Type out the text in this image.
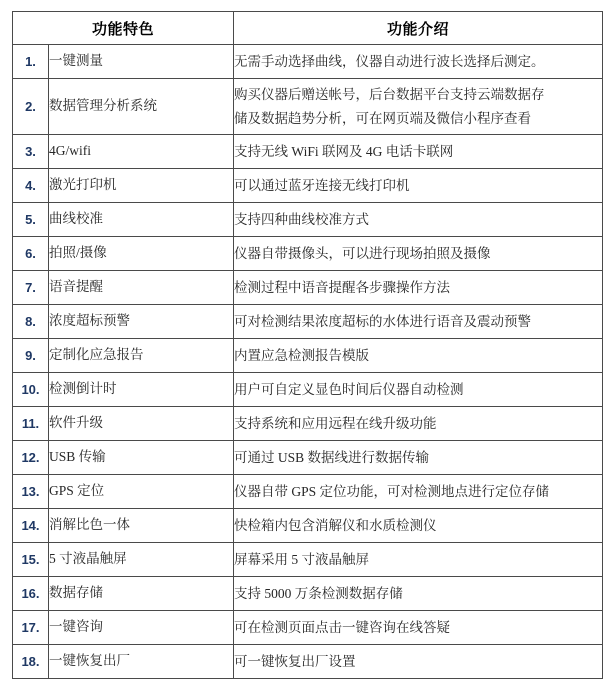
功能特色		功能介绍
1.	一键测量	无需手动选择曲线，仪器自动进行波长选择后测定。

2.	数据管理分析系统	购买仪器后赠送帐号，后台数据平台支持云端数据存
储及数据趋势分析，可在网页端及微信小程序查看

3.	4G/wifi	支持无线 WiFi 联网及 4G 电话卡联网

4.	激光打印机	可以通过蓝牙连接无线打印机

5.	曲线校准	支持四种曲线校准方式

6.	拍照/摄像	仪器自带摄像头，可以进行现场拍照及摄像

7.	语音提醒	检测过程中语音提醒各步骤操作方法

8.	浓度超标预警	可对检测结果浓度超标的水体进行语音及震动预警

9.	定制化应急报告	内置应急检测报告模版

10.	检测倒计时	用户可自定义显色时间后仪器自动检测

11.	软件升级	支持系统和应用远程在线升级功能

12.	USB 传输	可通过 USB 数据线进行数据传输

13.	GPS 定位	仪器自带 GPS 定位功能，可对检测地点进行定位存储

14.	消解比色一体	快检箱内包含消解仪和水质检测仪

15.	5 寸液晶触屏	屏幕采用 5 寸液晶触屏

16.	数据存储	支持 5000 万条检测数据存储

17.	一键咨询	可在检测页面点击一键咨询在线答疑

18.	一键恢复出厂	可一键恢复出厂设置
